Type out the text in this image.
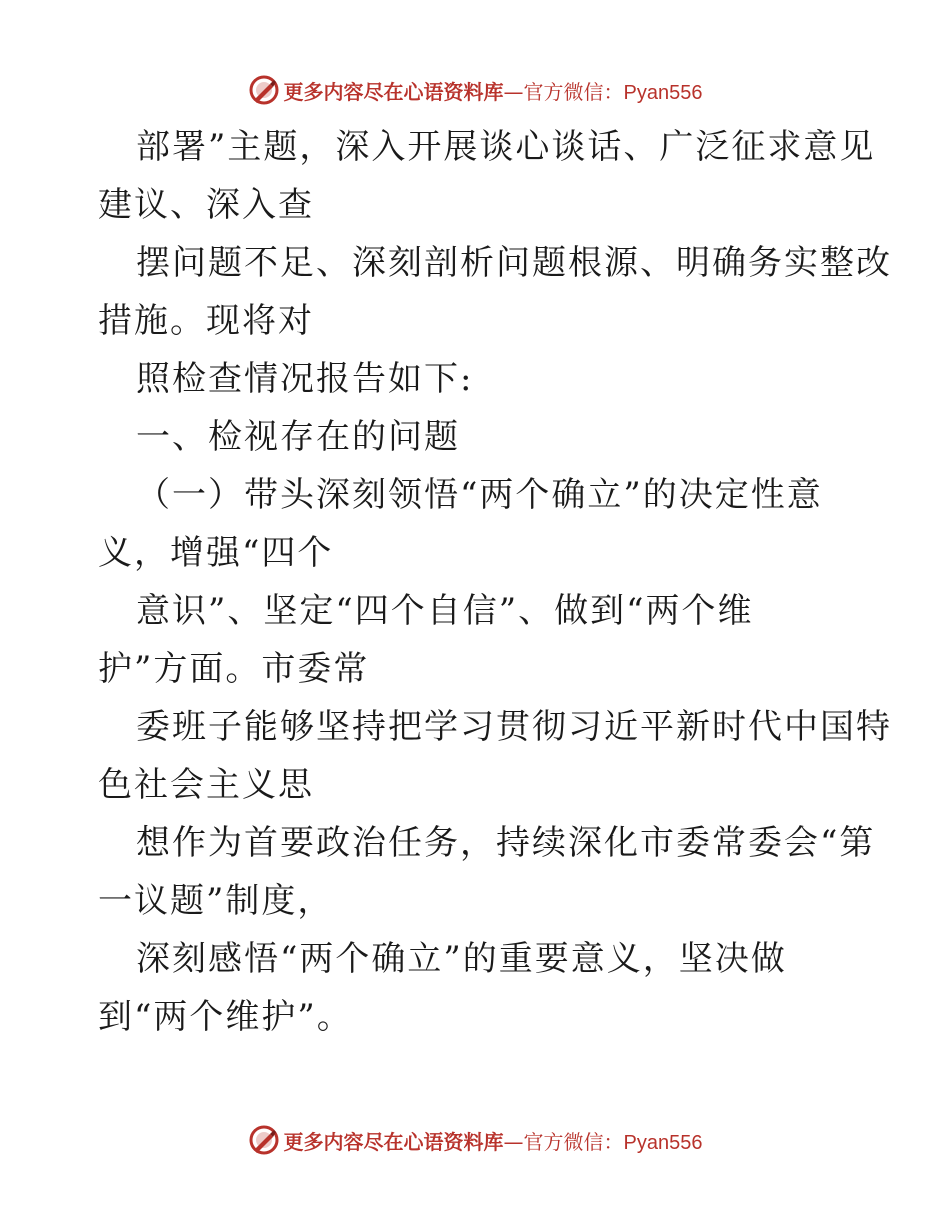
更多内容尽在心语资料库—官方微信：Pyan556
部署”主题，深入开展谈心谈话、广泛征求意见
建议、深入查
摆问题不足、深刻剖析问题根源、明确务实整改
措施。现将对
照检查情况报告如下:
一、检视存在的问题
（一）带头深刻领悟“两个确立”的决定性意
义，增强“四个
意识”、坚定“四个自信”、做到“两个维
护”方面。市委常
委班子能够坚持把学习贯彻习近平新时代中国特
色社会主义思
想作为首要政治任务，持续深化市委常委会“第
一议题”制度，
深刻感悟“两个确立”的重要意义，坚决做
到“两个维护”。
更多内容尽在心语资料库—官方微信：Pyan556
